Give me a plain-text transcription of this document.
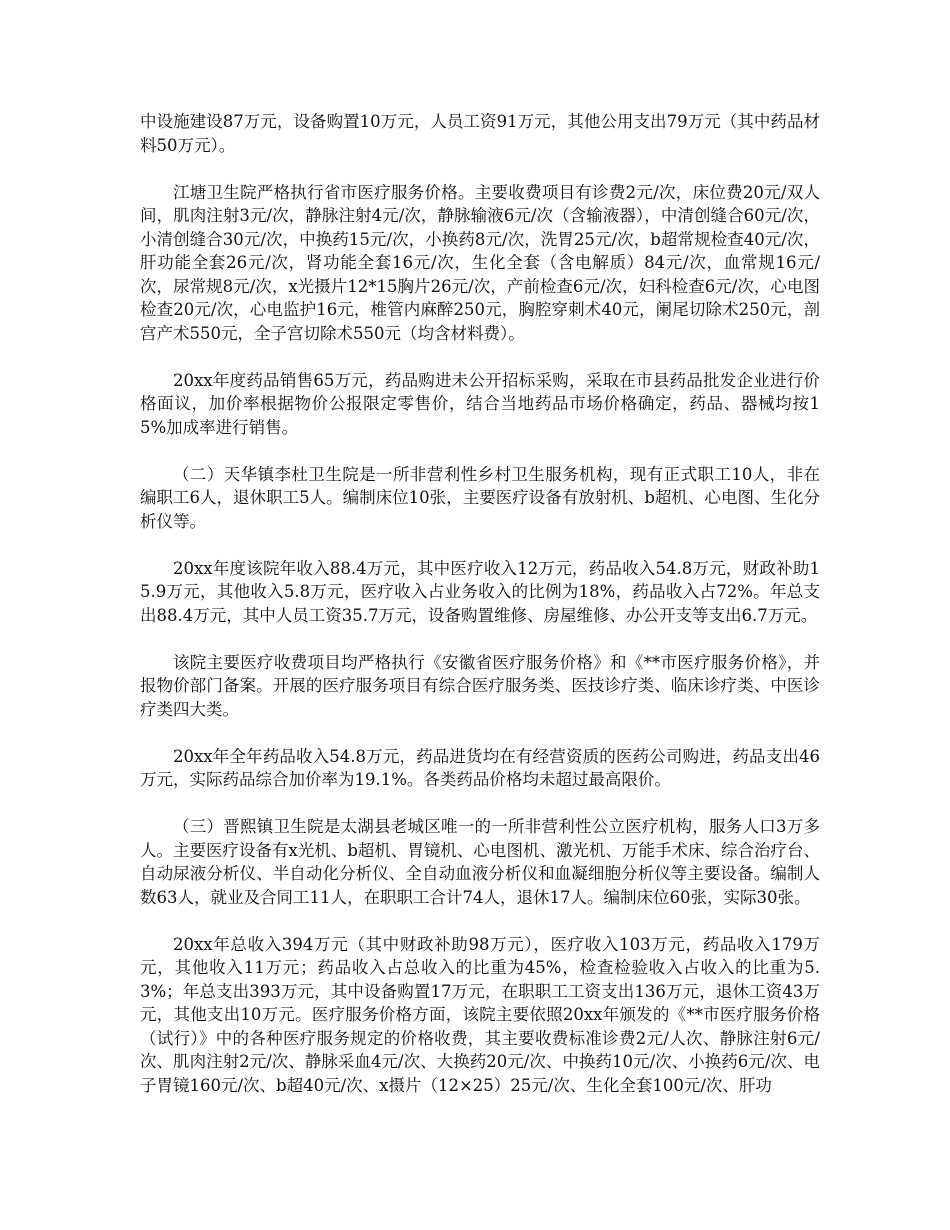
中设施建设87万元，设备购置10万元，人员工资91万元，其他公用支出79万元（其中药品材料50万元）。

江塘卫生院严格执行省市医疗服务价格。主要收费项目有诊费2元/次，床位费20元/双人间，肌肉注射3元/次，静脉注射4元/次，静脉输液6元/次（含输液器），中清创缝合60元/次，小清创缝合30元/次，中换药15元/次，小换药8元/次，洗胃25元/次，b超常规检查40元/次，肝功能全套26元/次，肾功能全套16元/次，生化全套（含电解质）84元/次，血常规16元/次，尿常规8元/次，x光摄片12*15胸片26元/次，产前检查6元/次，妇科检查6元/次，心电图检查20元/次，心电监护16元，椎管内麻醉250元，胸腔穿刺术40元，阑尾切除术250元，剖宫产术550元，全子宫切除术550元（均含材料费）。

20xx年度药品销售65万元，药品购进未公开招标采购，采取在市县药品批发企业进行价格面议，加价率根据物价公报限定零售价，结合当地药品市场价格确定，药品、器械均按15%加成率进行销售。

（二）天华镇李杜卫生院是一所非营利性乡村卫生服务机构，现有正式职工10人，非在编职工6人，退休职工5人。编制床位10张，主要医疗设备有放射机、b超机、心电图、生化分析仪等。

20xx年度该院年收入88.4万元，其中医疗收入12万元，药品收入54.8万元，财政补助15.9万元，其他收入5.8万元，医疗收入占业务收入的比例为18%，药品收入占72%。年总支出88.4万元，其中人员工资35.7万元，设备购置维修、房屋维修、办公开支等支出6.7万元。

该院主要医疗收费项目均严格执行《安徽省医疗服务价格》和《**市医疗服务价格》，并报物价部门备案。开展的医疗服务项目有综合医疗服务类、医技诊疗类、临床诊疗类、中医诊疗类四大类。

20xx年全年药品收入54.8万元，药品进货均在有经营资质的医药公司购进，药品支出46万元，实际药品综合加价率为19.1%。各类药品价格均未超过最高限价。

（三）晋熙镇卫生院是太湖县老城区唯一的一所非营利性公立医疗机构，服务人口3万多人。主要医疗设备有x光机、b超机、胃镜机、心电图机、激光机、万能手术床、综合治疗台、自动尿液分析仪、半自动化分析仪、全自动血液分析仪和血凝细胞分析仪等主要设备。编制人数63人，就业及合同工11人，在职职工合计74人，退休17人。编制床位60张，实际30张。

20xx年总收入394万元（其中财政补助98万元），医疗收入103万元，药品收入179万元，其他收入11万元；药品收入占总收入的比重为45%，检查检验收入占收入的比重为5.3%；年总支出393万元，其中设备购置17万元，在职职工工资支出136万元，退休工资43万元，其他支出10万元。医疗服务价格方面，该院主要依照20xx年颁发的《**市医疗服务价格（试行）》中的各种医疗服务规定的价格收费，其主要收费标准诊费2元/人次、静脉注射6元/次、肌肉注射2元/次、静脉采血4元/次、大换药20元/次、中换药10元/次、小换药6元/次、电子胃镜160元/次、b超40元/次、x摄片（12×25）25元/次、生化全套100元/次、肝功
